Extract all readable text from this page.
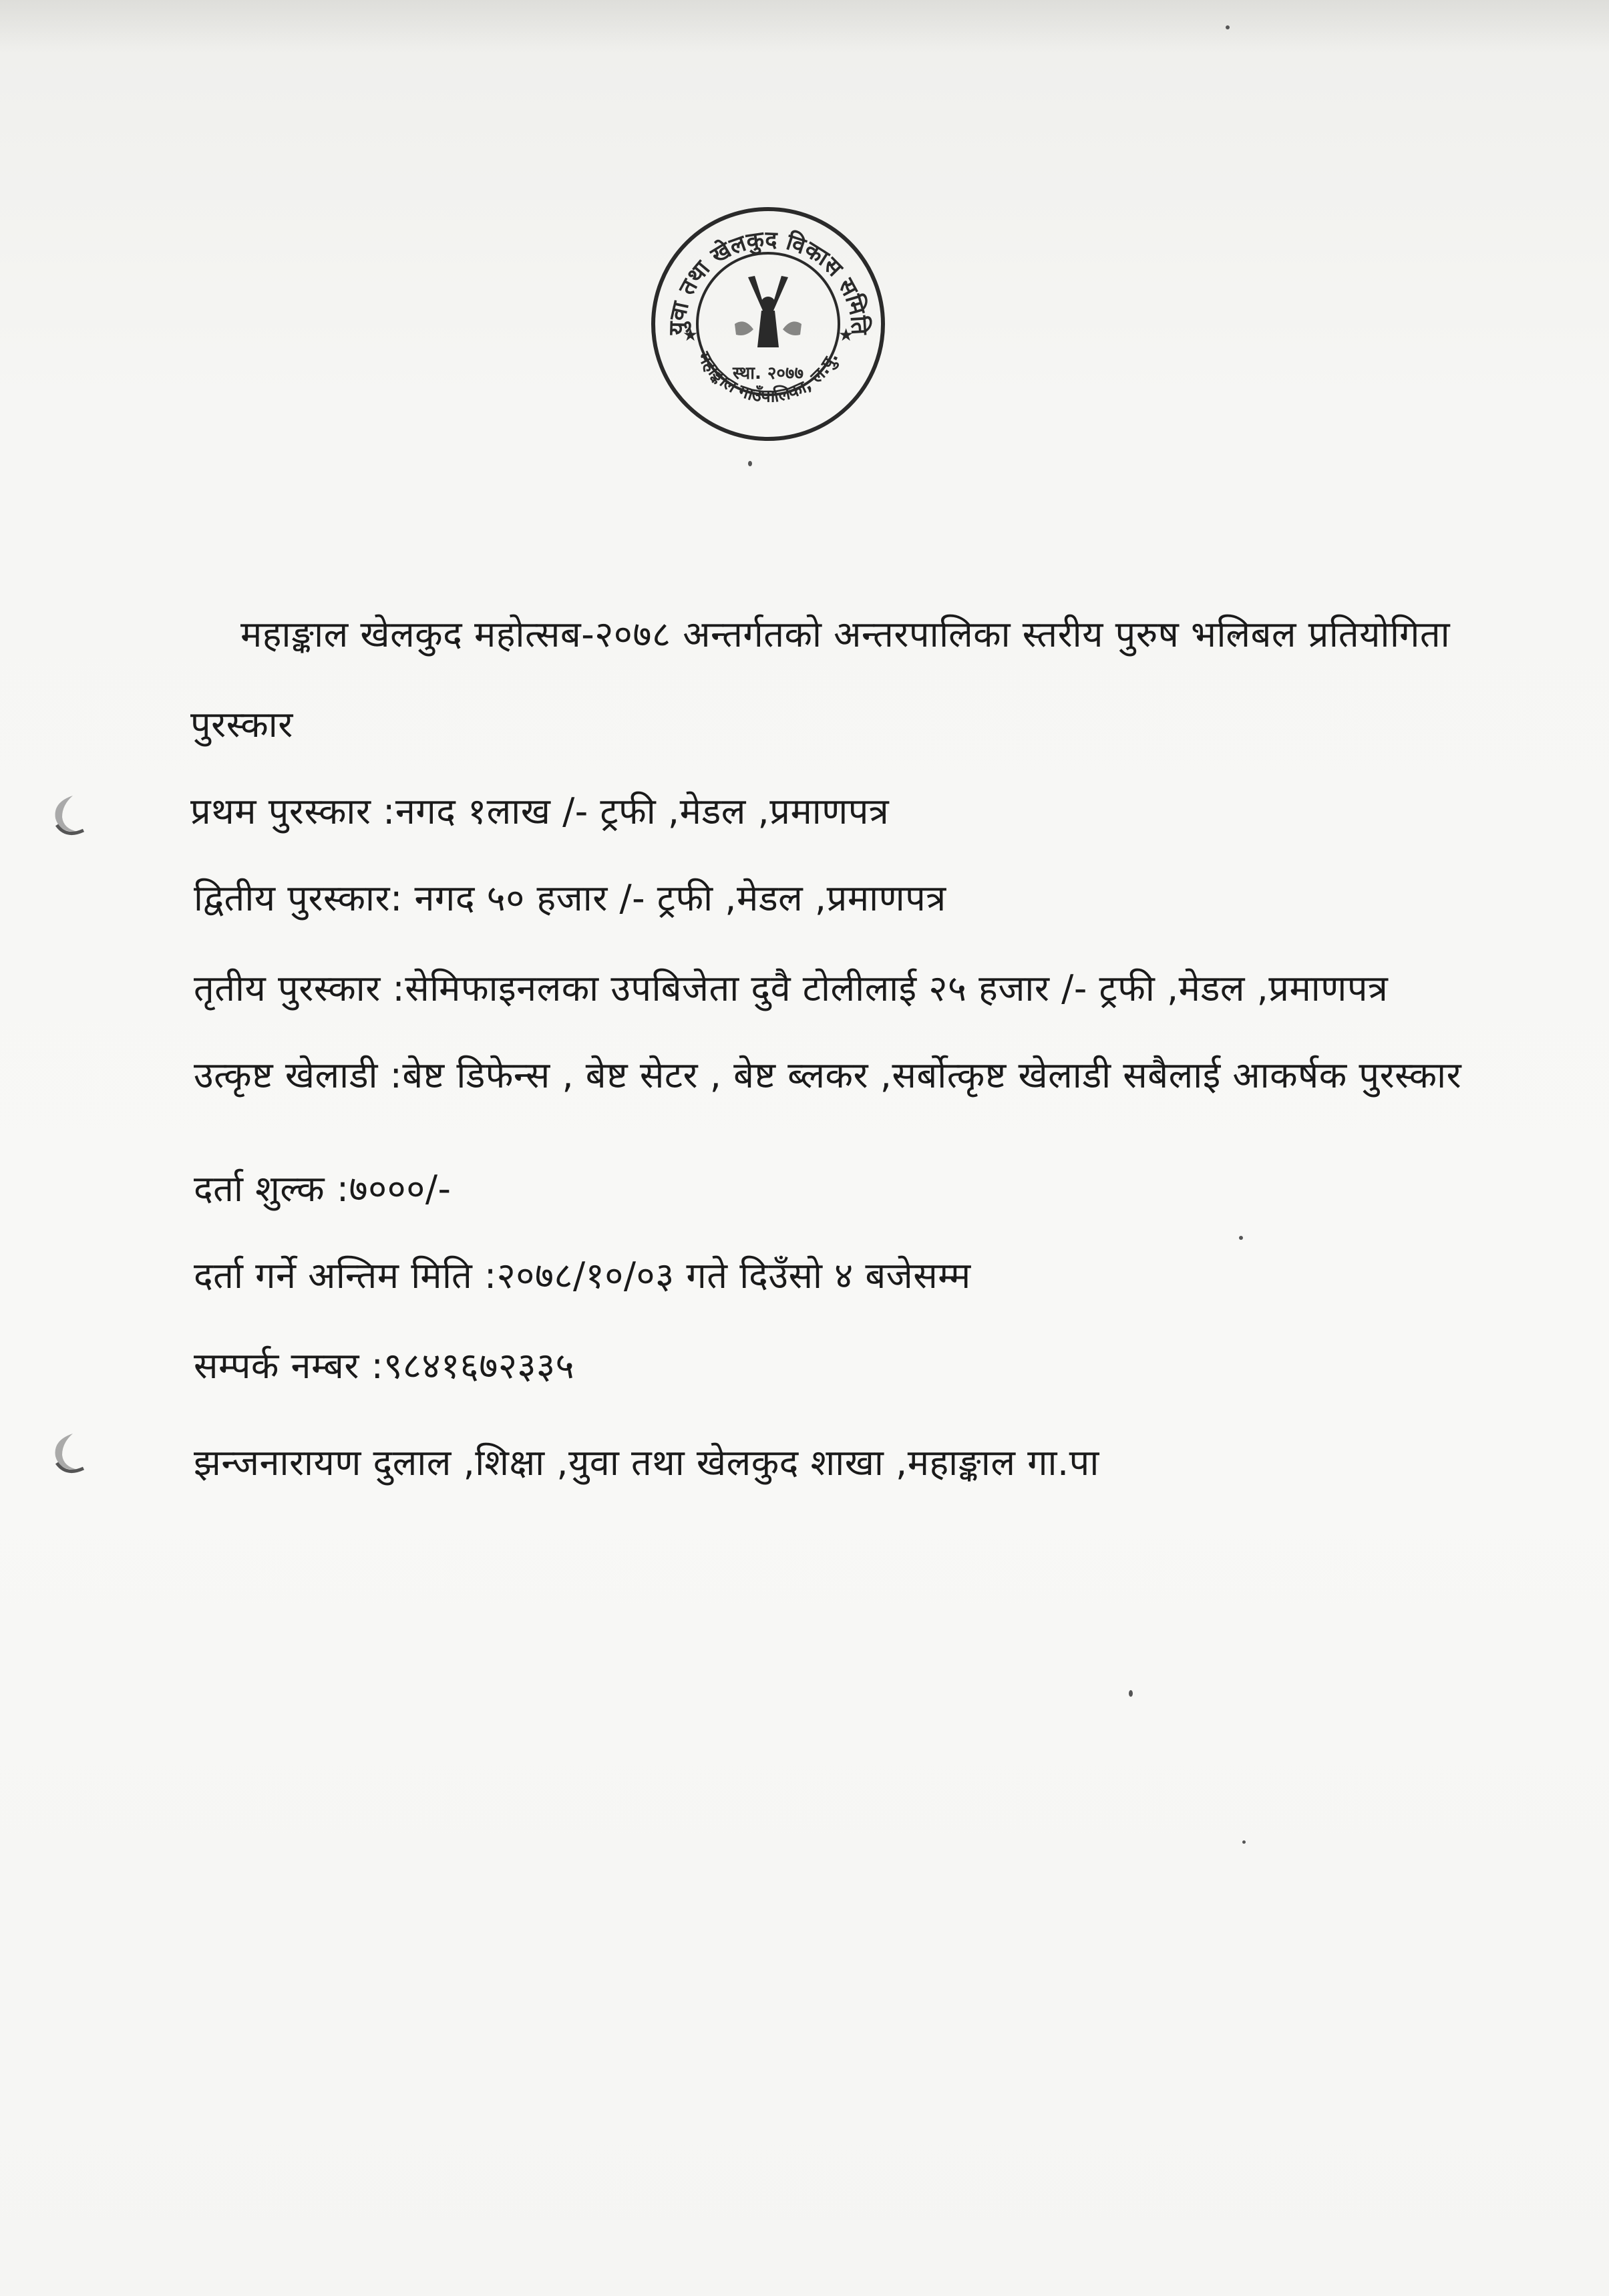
युवा तथा खेलकुद विकास समिति
महाङ्काल गाउँपालिका, ल.पु.
★	★
स्था. २०७७
महाङ्काल खेलकुद महोत्सब-२०७८ अन्तर्गतको अन्तरपालिका स्तरीय पुरुष भलिबल प्रतियोगिता
पुरस्कार
प्रथम पुरस्कार :नगद १लाख /- ट्रफी ,मेडल ,प्रमाणपत्र
द्वितीय पुरस्कार: नगद ५० हजार /- ट्रफी ,मेडल ,प्रमाणपत्र
तृतीय पुरस्कार :सेमिफाइनलका उपबिजेता दुवै टोलीलाई २५ हजार /- ट्रफी ,मेडल ,प्रमाणपत्र
उत्कृष्ट खेलाडी :बेष्ट डिफेन्स , बेष्ट सेटर , बेष्ट ब्लकर ,सर्बोत्कृष्ट खेलाडी सबैलाई आकर्षक पुरस्कार
दर्ता शुल्क :७०००/-
दर्ता गर्ने अन्तिम मिति :२०७८/१०/०३ गते दिउँसो ४ बजेसम्म
सम्पर्क नम्बर :९८४१६७२३३५
झन्जनारायण दुलाल ,शिक्षा ,युवा तथा खेलकुद शाखा ,महाङ्काल गा.पा
